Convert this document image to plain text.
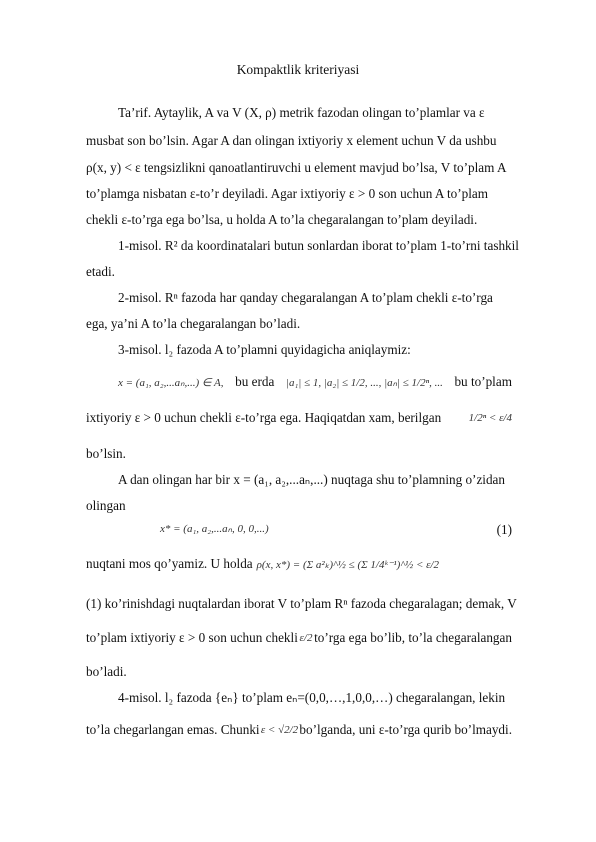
Kompaktlik kriteriyasi
Ta’rif. Aytaylik, A va V (X, ρ) metrik fazodan olingan to’plamlar va ε
musbat son bo’lsin. Agar A dan olingan ixtiyoriy x element uchun V da ushbu
ρ(x, y) < ε tengsizlikni qanoatlantiruvchi u element mavjud bo’lsa, V to’plam A
to’plamga nisbatan ε-to’r deyiladi. Agar ixtiyoriy ε > 0 son uchun A to’plam
chekli ε-to’rga ega bo’lsa, u holda A to’la chegaralangan to’plam deyiladi.
1-misol. R² da koordinatalari butun sonlardan iborat to’plam 1-to’rni tashkil
etadi.
2-misol. Rⁿ fazoda har qanday chegaralangan A to’plam chekli ε-to’rga
ega, ya’ni A to’la chegaralangan bo’ladi.
3-misol. l₂ fazoda A to’plamni quyidagicha aniqlaymiz:
x = (a₁, a₂,...aₙ,...) ∈ A, bu erda |a₁| ≤ 1, |a₂| ≤ 1/2, ..., |aₙ| ≤ 1/2ⁿ, ... bu to’plam
ixtiyoriy ε > 0 uchun chekli ε-to’rga ega. Haqiqatdan xam, berilgan 1/2ⁿ < ε/4
bo’lsin.
A dan olingan har bir x = (a₁, a₂,...aₙ,...) nuqtaga shu to’plamning o’zidan
olingan
x* = (a₁, a₂,...aₙ, 0, 0,...)	(1)
nuqtani mos qo’yamiz. U holda ρ(x, x*) = (Σ a²ₖ)^½ ≤ (Σ 1/4ᵏ⁻¹)^½ < ε/2
(1) ko’rinishdagi nuqtalardan iborat V to’plam Rⁿ fazoda chegaralagan; demak, V
to’plam ixtiyoriy ε > 0 son uchun chekli ε/2 to’rga ega bo’lib, to’la chegaralangan
bo’ladi.
4-misol. l₂ fazoda {eₙ} to’plam eₙ=(0,0,…,1,0,0,…) chegaralangan, lekin
to’la chegarlangan emas. Chunki ε < √2/2 bo’lganda, uni ε-to’rga qurib bo’lmaydi.
